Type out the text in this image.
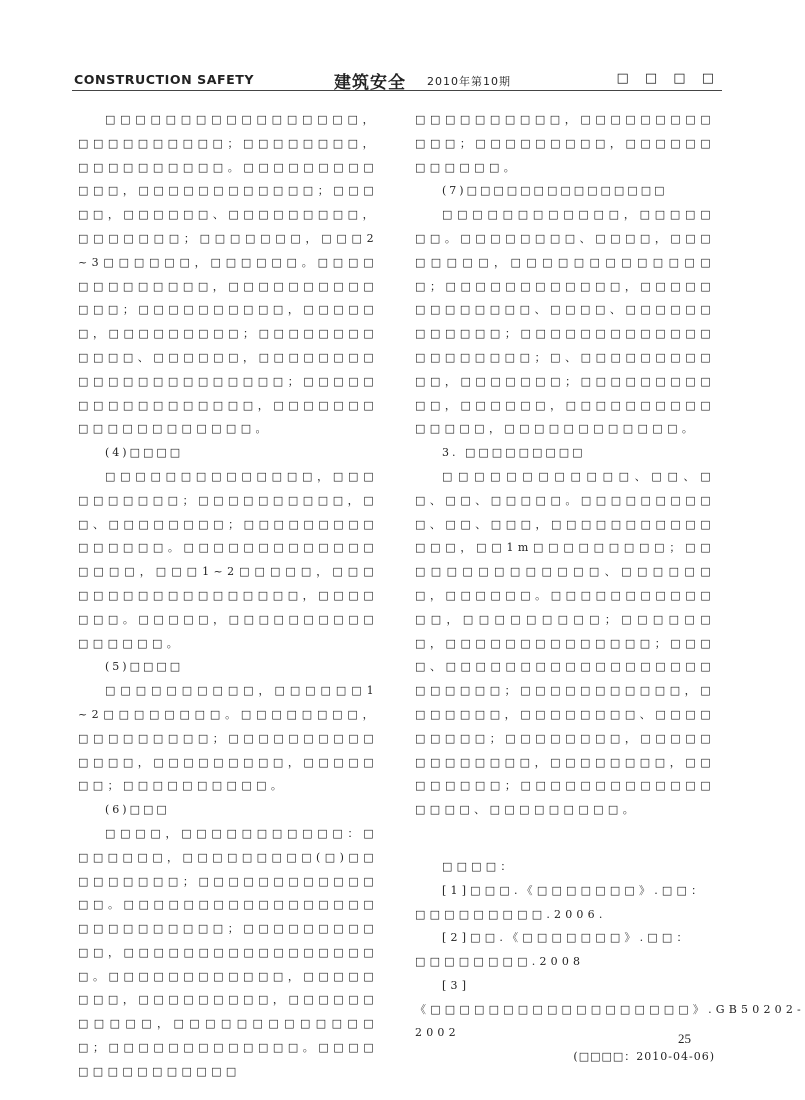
CONSTRUCTION SAFETY	建筑安全 2010年第10期	□ □ □ □

□□□□□□□□□□□□□□□□□，□□□□□□□□□□；□□□□□□□□，□□□□□□□□□□。□□□□□□□□□□□□，□□□□□□□□□□□□；□□□□□，□□□□□□、□□□□□□□□□，□□□□□□□；□□□□□□□，□□□2~3□□□□□□，□□□□□□。□□□□□□□□□□□□□，□□□□□□□□□□□□□；□□□□□□□□□□，□□□□□□，□□□□□□□□□；□□□□□□□□□□□□、□□□□□□，□□□□□□□□□□□□□□□□□□□□□□；□□□□□□□□□□□□□□□□□，□□□□□□□□□□□□□□□□□□□。

(4)□□□□

□□□□□□□□□□□□□□，□□□□□□□□□□；□□□□□□□□□□，□□、□□□□□□□□；□□□□□□□□□□□□□□□。□□□□□□□□□□□□□□□□□，□□□1~2□□□□□，□□□□□□□□□□□□□□□□□□，□□□□□□□。□□□□□，□□□□□□□□□□□□□□□□。

(5)□□□□

□□□□□□□□□□，□□□□□□1~2□□□□□□□□。□□□□□□□□，□□□□□□□□□；□□□□□□□□□□□□□□，□□□□□□□□□，□□□□□□□；□□□□□□□□□□。

(6)□□□

□□□□，□□□□□□□□□□□：□□□□□□□，□□□□□□□□□(□)□□□□□□□□□；□□□□□□□□□□□□□□。□□□□□□□□□□□□□□□□□□□□□□□□□□□；□□□□□□□□□□□，□□□□□□□□□□□□□□□□□□。□□□□□□□□□□□□，□□□□□□□□，□□□□□□□□□，□□□□□□□□□□□，□□□□□□□□□□□□□□；□□□□□□□□□□□□□。□□□□□□□□□□□□□□□

□□□□□□□□□□，□□□□□□□□□□□□；□□□□□□□□□，□□□□□□□□□□□□。

(7)□□□□□□□□□□□□□□□

□□□□□□□□□□□□，□□□□□□□。□□□□□□□□、□□□□，□□□□□□□□，□□□□□□□□□□□□□□；□□□□□□□□□□□□，□□□□□□□□□□□□□、□□□□、□□□□□□□□□□□□；□□□□□□□□□□□□□□□□□□□□□；□、□□□□□□□□□□□，□□□□□□□；□□□□□□□□□□□，□□□□□□，□□□□□□□□□□□□□□□，□□□□□□□□□□□□。

3. □□□□□□□□□

□□□□□□□□□□□□、□□、□□、□□、□□□□□。□□□□□□□□□□、□□、□□□，□□□□□□□□□□□□□□，□□1m□□□□□□□□□；□□□□□□□□□□□□□□、□□□□□□□，□□□□□□。□□□□□□□□□□□□□，□□□□□□□□□；□□□□□□□，□□□□□□□□□□□□□□；□□□□、□□□□□□□□□□□□□□□□□□□□□□□□；□□□□□□□□□□□，□□□□□□□，□□□□□□□□、□□□□□□□□□；□□□□□□□□，□□□□□□□□□□□□□，□□□□□□□□，□□□□□□□□；□□□□□□□□□□□□□□□□□、□□□□□□□□□。

□□□□：

[1]□□□.《□□□□□□□》.□□：□□□□□□□□□.2006.

[2]□□.《□□□□□□□》.□□：□□□□□□□□.2008

[3]《□□□□□□□□□□□□□□□□□□》.GB50202-2002

(□□□□：2010-04-06)

25
